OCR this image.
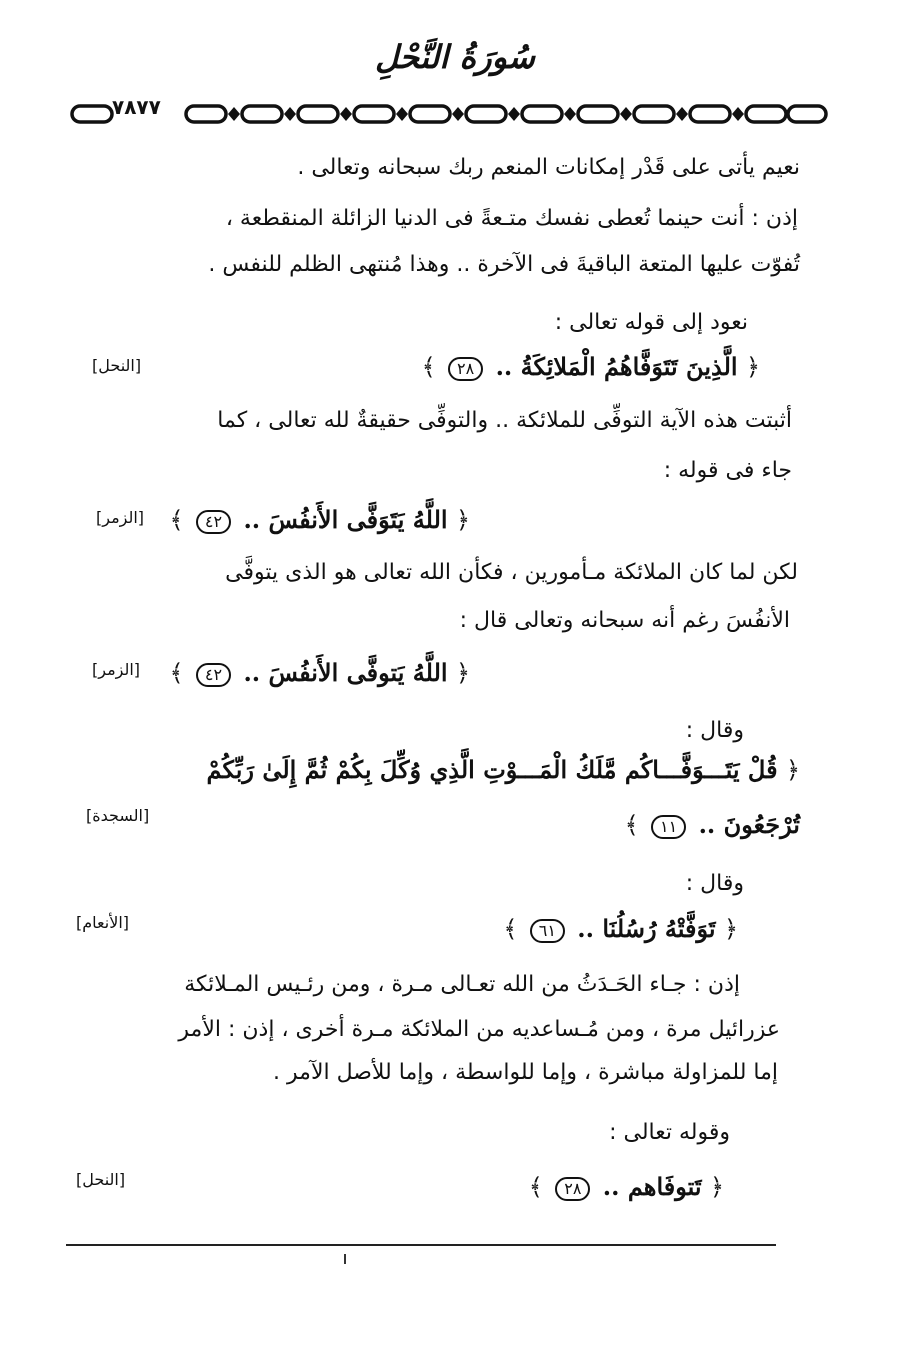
سُورَةُ النَّحْلِ
٧٨٧٧
نعيم يأتى على قَدْر إمكانات المنعم ربك سبحانه وتعالى .
إذن : أنت حينما تُعطى نفسك متـعةً فى الدنيا الزائلة المنقطعة ،
تُفوّت عليها المتعة الباقيةَ فى الآخرة .. وهذا مُنتهى الظلم للنفس .
نعود إلى قوله تعالى :
﴿ الَّذِينَ تَتَوَفَّاهُمُ الْمَلائِكَةُ .. ٢٨ ﴾
[النحل]
أثبتت هذه الآية التوفِّى للملائكة .. والتوفِّى حقيقةٌ لله تعالى ، كما
جاء فى قوله :
﴿ اللَّهُ يَتَوَفَّى الأَنفُسَ .. ٤٢ ﴾
[الزمر]
لكن لما كان الملائكة مـأمورين ، فكأن الله تعالى هو الذى يتوفَّى
الأنفُسَ رغم أنه سبحانه وتعالى قال :
﴿ اللَّهُ يَتوفَّى الأَنفُسَ .. ٤٢ ﴾
[الزمر]
وقال :
﴿ قُلْ يَتَـــوَفَّـــاكُم مَّلَكُ الْمَـــوْتِ الَّذِي وُكِّلَ بِكُمْ ثُمَّ إِلَىٰ رَبِّكُمْ
تُرْجَعُونَ .. ١١ ﴾
[السجدة]
وقال :
﴿ تَوَفَّتْهُ رُسُلُنَا .. ٦١ ﴾
[الأنعام]
إذن : جـاء الحَـدَثُ من الله تعـالى مـرة ، ومن رئـيس المـلائكة
عزرائيل مرة ، ومن مُـساعديه من الملائكة مـرة أخرى ، إذن : الأمر
إما للمزاولة مباشرة ، وإما للواسطة ، وإما للأصل الآمر .
وقوله تعالى :
﴿ تَتوفَاهم .. ٢٨ ﴾
[النحل]
